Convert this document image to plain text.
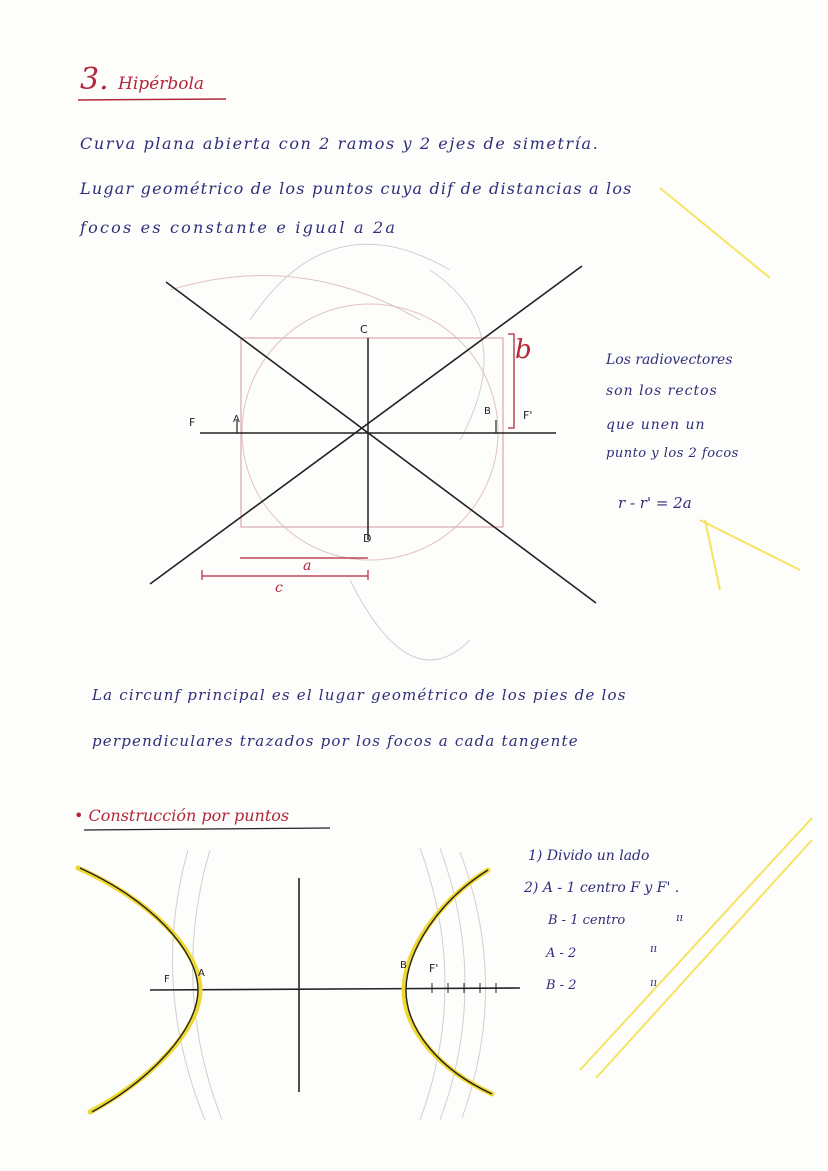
3. Hipérbola
Curva plana abierta con 2 ramos y 2 ejes de simetría.
Lugar geométrico de los puntos cuya dif de distancias a los
focos es constante e igual a 2a
C
D
F
F'
A
B
b
a
c
Los radiovectores
son los rectos
que unen un
punto y los 2 focos
r - r' = 2a
La circunf principal es el lugar geométrico de los pies de los
perpendiculares trazados por los focos a cada tangente
• Construcción por puntos
F
A
B F'
1) Divido un lado
2) A - 1 centro F y F' .
B - 1 centro	ıı
A - 2	ıı
B - 2	ıı
